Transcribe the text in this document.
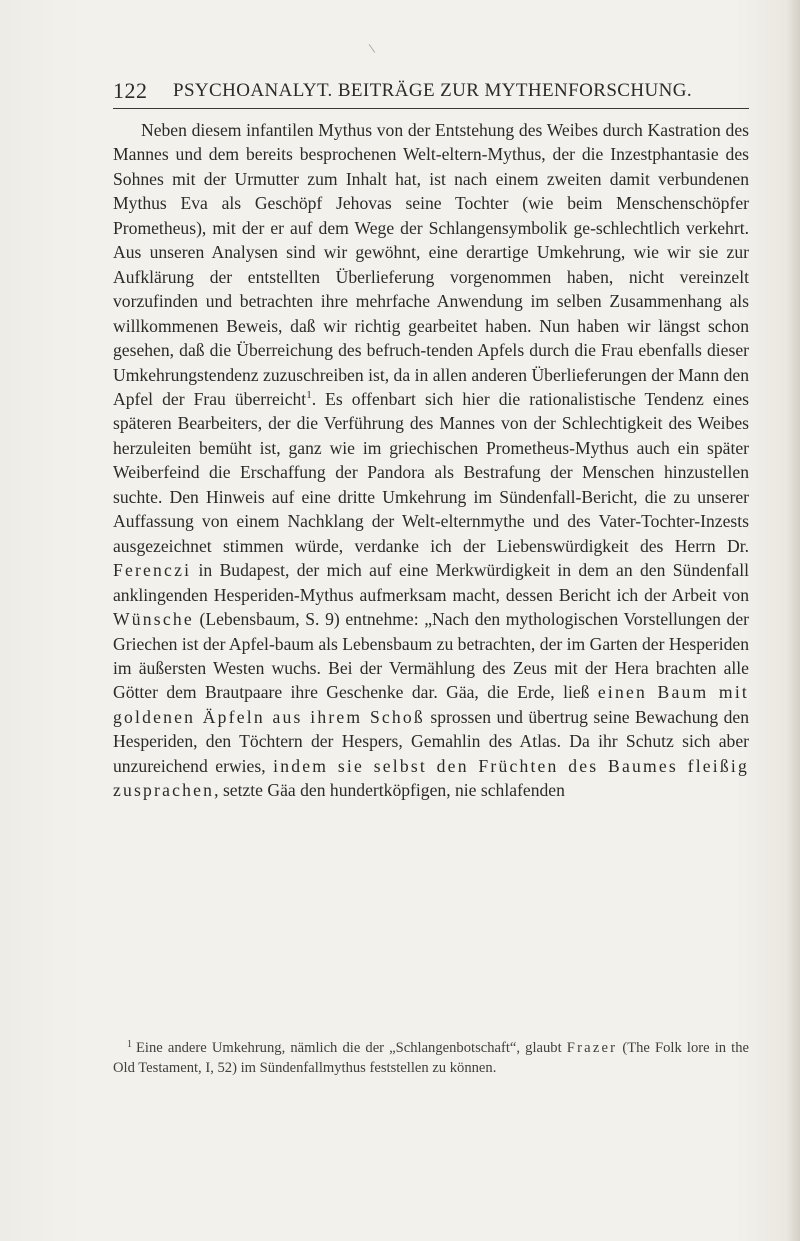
122 PSYCHOANALYT. BEITRÄGE ZUR MYTHENFORSCHUNG.

Neben diesem infantilen Mythus von der Entstehung des Weibes durch Kastration des Mannes und dem bereits besprochenen Welt-eltern-Mythus, der die Inzestphantasie des Sohnes mit der Urmutter zum Inhalt hat, ist nach einem zweiten damit verbundenen Mythus Eva als Geschöpf Jehovas seine Tochter (wie beim Menschenschöpfer Prometheus), mit der er auf dem Wege der Schlangensymbolik ge-schlechtlich verkehrt. Aus unseren Analysen sind wir gewöhnt, eine derartige Umkehrung, wie wir sie zur Aufklärung der entstellten Überlieferung vorgenommen haben, nicht vereinzelt vorzufinden und betrachten ihre mehrfache Anwendung im selben Zusammenhang als willkommenen Beweis, daß wir richtig gearbeitet haben. Nun haben wir längst schon gesehen, daß die Überreichung des befruch-tenden Apfels durch die Frau ebenfalls dieser Umkehrungstendenz zuzuschreiben ist, da in allen anderen Überlieferungen der Mann den Apfel der Frau überreicht$^1$. Es offenbart sich hier die rationalistische Tendenz eines späteren Bearbeiters, der die Verführung des Mannes von der Schlechtigkeit des Weibes herzuleiten bemüht ist, ganz wie im griechischen Prometheus-Mythus auch ein später Weiberfeind die Erschaffung der Pandora als Bestrafung der Menschen hinzustellen suchte. Den Hinweis auf eine dritte Umkehrung im Sündenfall-Bericht, die zu unserer Auffassung von einem Nachklang der Welt-elternmythe und des Vater-Tochter-Inzests ausgezeichnet stimmen würde, verdanke ich der Liebenswürdigkeit des Herrn Dr. Ferenczi in Budapest, der mich auf eine Merkwürdigkeit in dem an den Sündenfall anklingenden Hesperiden-Mythus aufmerksam macht, dessen Bericht ich der Arbeit von Wünsche (Lebensbaum, S. 9) entnehme: „Nach den mythologischen Vorstellungen der Griechen ist der Apfel-baum als Lebensbaum zu betrachten, der im Garten der Hesperiden im äußersten Westen wuchs. Bei der Vermählung des Zeus mit der Hera brachten alle Götter dem Brautpaare ihre Geschenke dar. Gäa, die Erde, ließ einen Baum mit goldenen Äpfeln aus ihrem Schoß sprossen und übertrug seine Bewachung den Hesperiden, den Töchtern der Hespers, Gemahlin des Atlas. Da ihr Schutz sich aber unzureichend erwies, indem sie selbst den Früchten des Baumes fleißig zusprachen, setzte Gäa den hundertköpfigen, nie schlafenden

$^1$ Eine andere Umkehrung, nämlich die der „Schlangenbotschaft“, glaubt Frazer (The Folk lore in the Old Testament, I, 52) im Sündenfallmythus feststellen zu können.
